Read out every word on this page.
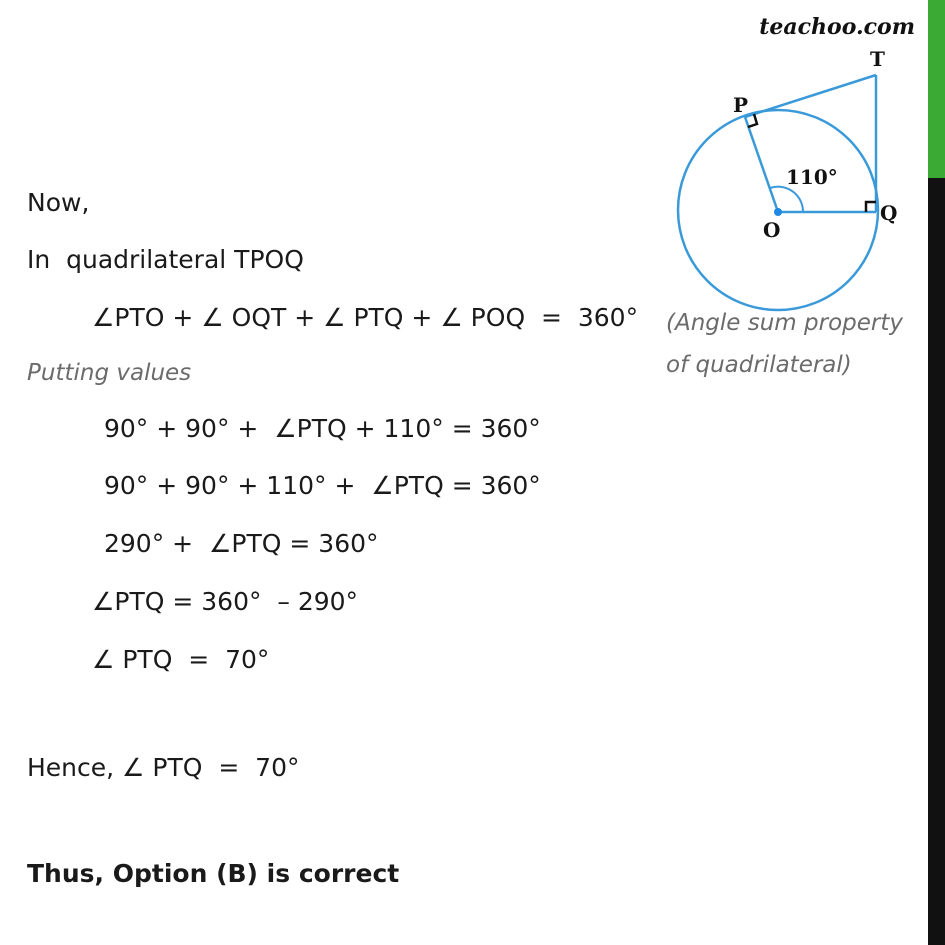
teachoo.com
T
P
O
Q
110°
(Angle sum property
of quadrilateral)
Now,
In  quadrilateral TPOQ
∠PTO + ∠ OQT + ∠ PTQ + ∠ POQ  =  360°
Putting values
90° + 90° +  ∠PTQ + 110° = 360°
90° + 90° + 110° +  ∠PTQ = 360°
290° +  ∠PTQ = 360°
∠PTQ = 360°  – 290°
∠ PTQ  =  70°
Hence, ∠ PTQ  =  70°
Thus, Option (B) is correct
